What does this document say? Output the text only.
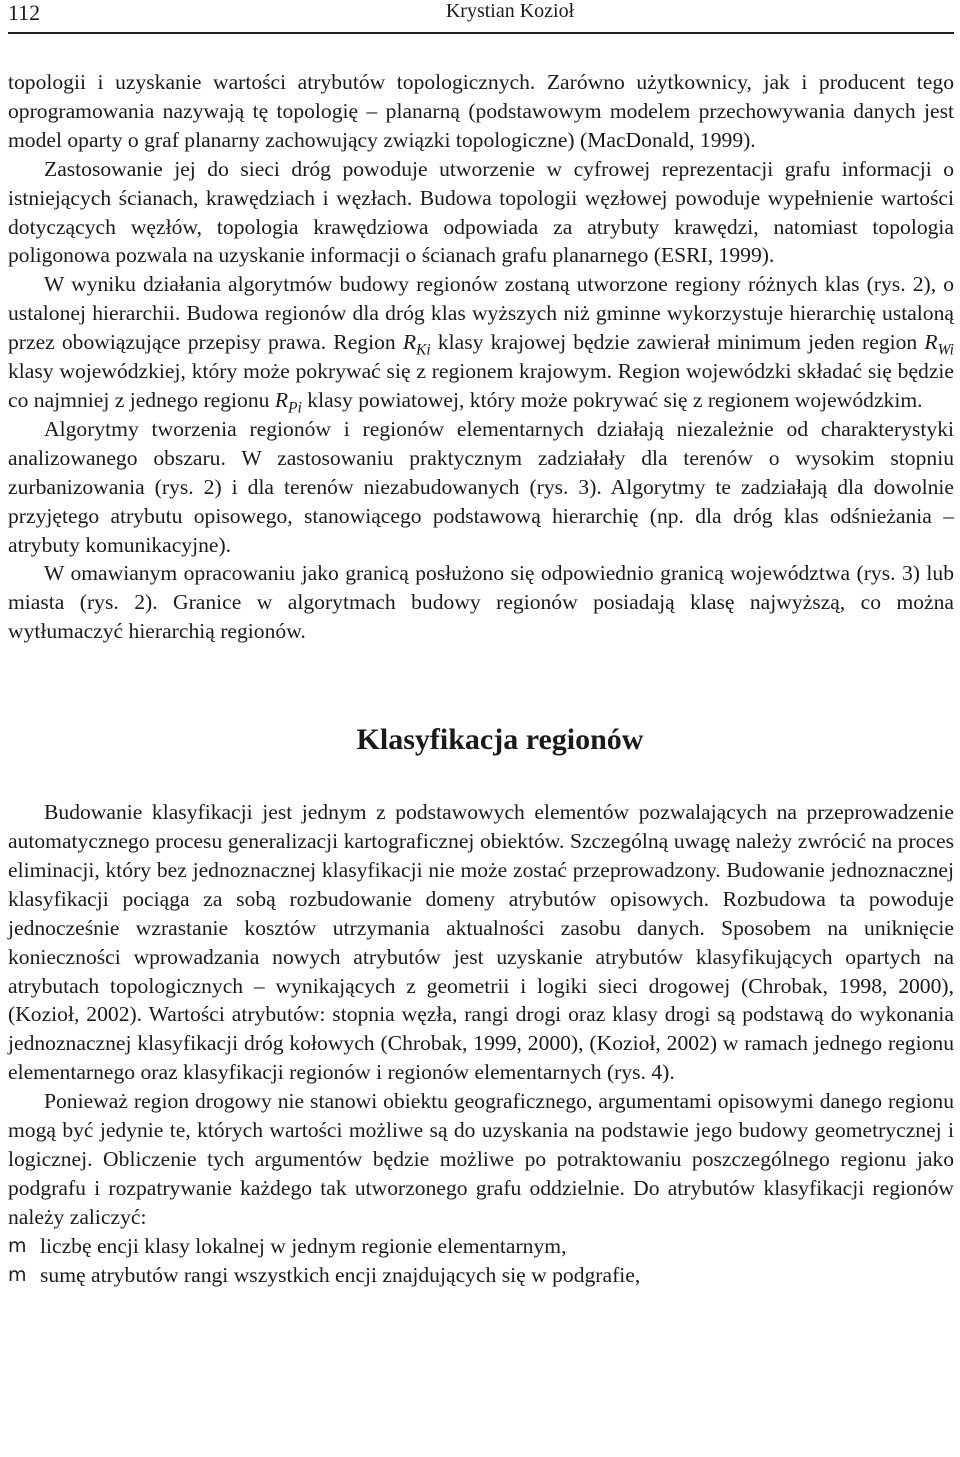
112	Krystian Kozioł

topologii i uzyskanie wartości atrybutów topologicznych. Zarówno użytkownicy, jak i producent tego oprogramowania nazywają tę topologię – planarną (podstawowym modelem przechowywania danych jest model oparty o graf planarny zachowujący związki topologiczne) (MacDonald, 1999).

Zastosowanie jej do sieci dróg powoduje utworzenie w cyfrowej reprezentacji grafu informacji o istniejących ścianach, krawędziach i węzłach. Budowa topologii węzłowej powoduje wypełnienie wartości dotyczących węzłów, topologia krawędziowa odpowiada za atrybuty krawędzi, natomiast topologia poligonowa pozwala na uzyskanie informacji o ścianach grafu planarnego (ESRI, 1999).

W wyniku działania algorytmów budowy regionów zostaną utworzone regiony różnych klas (rys. 2), o ustalonej hierarchii. Budowa regionów dla dróg klas wyższych niż gminne wykorzystuje hierarchię ustaloną przez obowiązujące przepisy prawa. Region $R_{Ki}$ klasy krajowej będzie zawierał minimum jeden region $R_{Wi}$ klasy wojewódzkiej, który może pokrywać się z regionem krajowym. Region wojewódzki składać się będzie co najmniej z jednego regionu $R_{Pi}$ klasy powiatowej, który może pokrywać się z regionem wojewódzkim.

Algorytmy tworzenia regionów i regionów elementarnych działają niezależnie od charakterystyki analizowanego obszaru. W zastosowaniu praktycznym zadziałały dla terenów o wysokim stopniu zurbanizowania (rys. 2) i dla terenów niezabudowanych (rys. 3). Algorytmy te zadziałają dla dowolnie przyjętego atrybutu opisowego, stanowiącego podstawową hierarchię (np. dla dróg klas odśnieżania – atrybuty komunikacyjne).

W omawianym opracowaniu jako granicą posłużono się odpowiednio granicą województwa (rys. 3) lub miasta (rys. 2). Granice w algorytmach budowy regionów posiadają klasę najwyższą, co można wytłumaczyć hierarchią regionów.

Klasyfikacja regionów

Budowanie klasyfikacji jest jednym z podstawowych elementów pozwalających na przeprowadzenie automatycznego procesu generalizacji kartograficznej obiektów. Szczególną uwagę należy zwrócić na proces eliminacji, który bez jednoznacznej klasyfikacji nie może zostać przeprowadzony. Budowanie jednoznacznej klasyfikacji pociąga za sobą rozbudowanie domeny atrybutów opisowych. Rozbudowa ta powoduje jednocześnie wzrastanie kosztów utrzymania aktualności zasobu danych. Sposobem na uniknięcie konieczności wprowadzania nowych atrybutów jest uzyskanie atrybutów klasyfikujących opartych na atrybutach topologicznych – wynikających z geometrii i logiki sieci drogowej (Chrobak, 1998, 2000), (Kozioł, 2002). Wartości atrybutów: stopnia węzła, rangi drogi oraz klasy drogi są podstawą do wykonania jednoznacznej klasyfikacji dróg kołowych (Chrobak, 1999, 2000), (Kozioł, 2002) w ramach jednego regionu elementarnego oraz klasyfikacji regionów i regionów elementarnych (rys. 4).

Ponieważ region drogowy nie stanowi obiektu geograficznego, argumentami opisowymi danego regionu mogą być jedynie te, których wartości możliwe są do uzyskania na podstawie jego budowy geometrycznej i logicznej. Obliczenie tych argumentów będzie możliwe po potraktowaniu poszczególnego regionu jako podgrafu i rozpatrywanie każdego tak utworzonego grafu oddzielnie. Do atrybutów klasyfikacji regionów należy zaliczyć:

m liczbę encji klasy lokalnej w jednym regionie elementarnym,
m sumę atrybutów rangi wszystkich encji znajdujących się w podgrafie,
